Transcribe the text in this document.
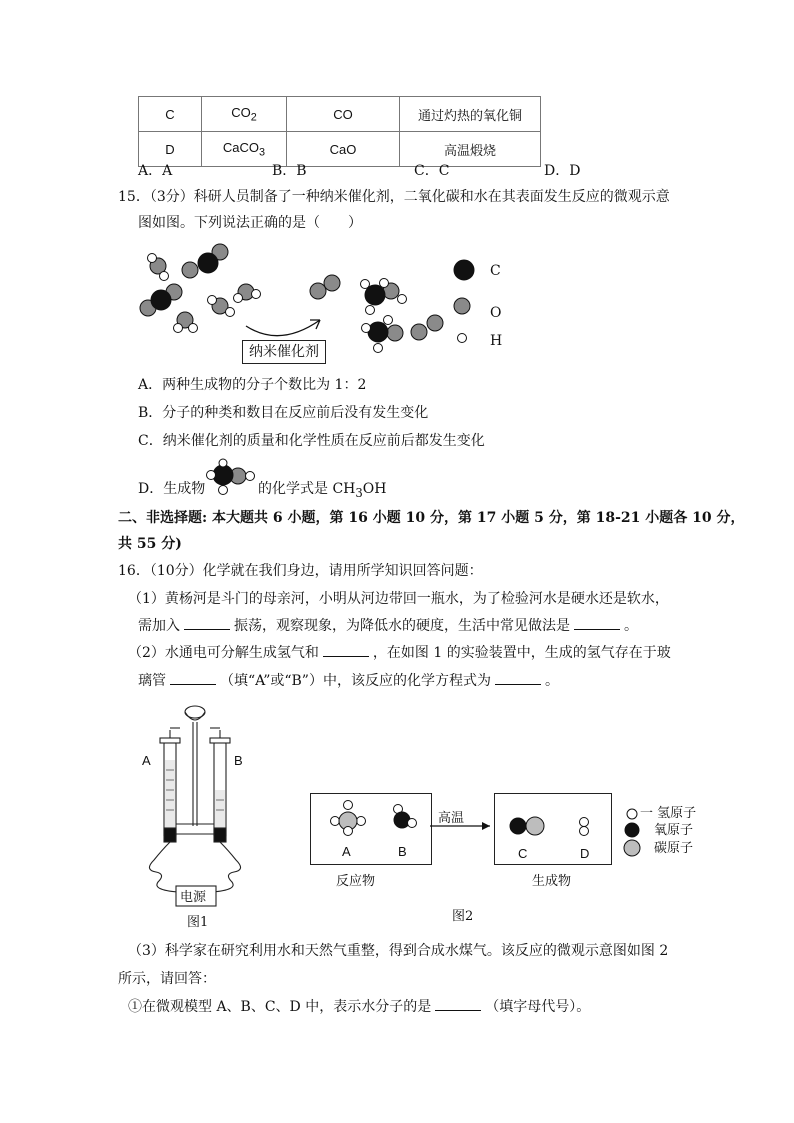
C	$CO_2$	CO	通过灼热的氧化铜
D	CaCO$_3$	CaO	高温煅烧
A．A	B．B	C．C	D．D
15．（3分）科研人员制备了一种纳米催化剂，二氧化碳和水在其表面发生反应的微观示意
图如图。下列说法正确的是（　　）
C
O
H
纳米催化剂
A．两种生成物的分子个数比为 1：2
B．分子的种类和数目在反应前后没有发生变化
C．纳米催化剂的质量和化学性质在反应前后都发生变化
D．生成物	的化学式是 $CH_3OH$
二、非选择题: 本大题共 6 小题，第 16 小题 10 分，第 17 小题 5 分，第 18-21 小题各 10 分，
共 55 分)
16．（10分）化学就在我们身边，请用所学知识回答问题：
（1）黄杨河是斗门的母亲河，小明从河边带回一瓶水，为了检验河水是硬水还是软水，
需加入	振荡，观察现象，为降低水的硬度，生活中常见做法是	。
（2）水通电可分解生成氢气和	，在如图 1 的实验装置中，生成的氢气存在于玻
璃管	（填“A”或“B”）中，该反应的化学方程式为	。
A	B
电源
图1
高温
A	B	C	D
一 氢原子
氧原子
碳原子
反应物	生成物
图2
（3）科学家在研究利用水和天然气重整，得到合成水煤气。该反应的微观示意图如图 2
所示，请回答：
①在微观模型 A、B、C、D 中，表示水分子的是	（填字母代号）。
